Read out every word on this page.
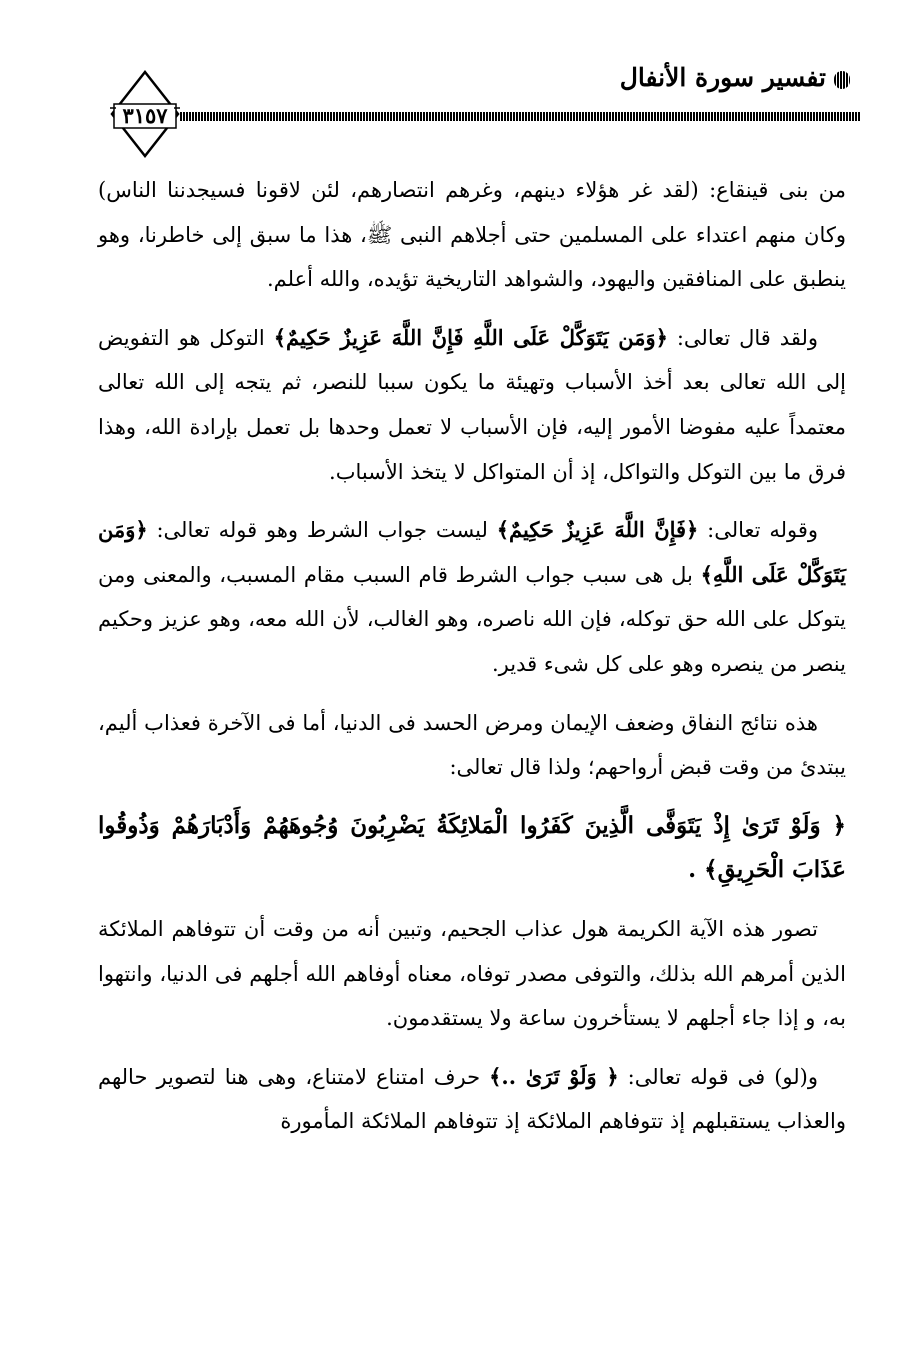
تفسير سورة الأنفال
٣١٥٧

من بنى قينقاع: (لقد غر هؤلاء دينهم، وغرهم انتصارهم، لئن لاقونا فسيجدننا الناس) وكان منهم اعتداء على المسلمين حتى أجلاهم النبى ﷺ، هذا ما سبق إلى خاطرنا، وهو ينطبق على المنافقين واليهود، والشواهد التاريخية تؤيده، والله أعلم.

ولقد قال تعالى: ﴿وَمَن يَتَوَكَّلْ عَلَى اللَّهِ فَإِنَّ اللَّهَ عَزِيزٌ حَكِيمٌ﴾ التوكل هو التفويض إلى الله تعالى بعد أخذ الأسباب وتهيئة ما يكون سببا للنصر، ثم يتجه إلى الله تعالى معتمداً عليه مفوضا الأمور إليه، فإن الأسباب لا تعمل وحدها بل تعمل بإرادة الله، وهذا فرق ما بين التوكل والتواكل، إذ أن المتواكل لا يتخذ الأسباب.

وقوله تعالى: ﴿فَإِنَّ اللَّهَ عَزِيزٌ حَكِيمٌ﴾ ليست جواب الشرط وهو قوله تعالى: ﴿وَمَن يَتَوَكَّلْ عَلَى اللَّهِ﴾ بل هى سبب جواب الشرط قام السبب مقام المسبب، والمعنى ومن يتوكل على الله حق توكله، فإن الله ناصره، وهو الغالب، لأن الله معه، وهو عزيز وحكيم ينصر من ينصره وهو على كل شىء قدير.

هذه نتائج النفاق وضعف الإيمان ومرض الحسد فى الدنيا، أما فى الآخرة فعذاب أليم، يبتدئ من وقت قبض أرواحهم؛ ولذا قال تعالى:

﴿ وَلَوْ تَرَىٰ إِذْ يَتَوَفَّى الَّذِينَ كَفَرُوا الْمَلائِكَةُ يَضْرِبُونَ وُجُوهَهُمْ وَأَدْبَارَهُمْ وَذُوقُوا عَذَابَ الْحَرِيقِ﴾ .

تصور هذه الآية الكريمة هول عذاب الجحيم، وتبين أنه من وقت أن تتوفاهم الملائكة الذين أمرهم الله بذلك، والتوفى مصدر توفاه، معناه أوفاهم الله أجلهم فى الدنيا، وانتهوا به، و إذا جاء أجلهم لا يستأخرون ساعة ولا يستقدمون.

و(لو) فى قوله تعالى: ﴿ وَلَوْ تَرَىٰ ..﴾ حرف امتناع لامتناع، وهى هنا لتصوير حالهم والعذاب يستقبلهم إذ تتوفاهم الملائكة إذ تتوفاهم الملائكة المأمورة
